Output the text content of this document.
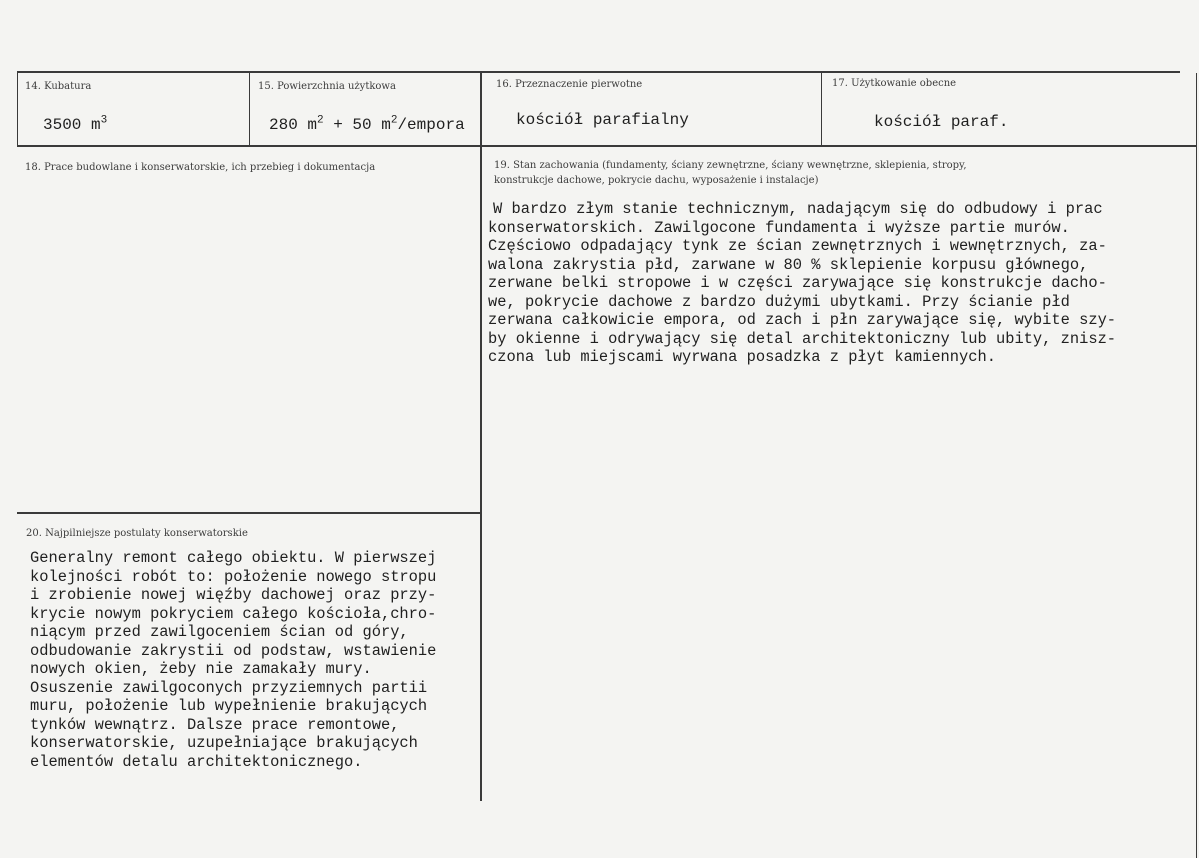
14. Kubatura
3500 $m^3$
15. Powierzchnia użytkowa
280 $m^2 + 50$ $m^2$/empora
16. Przeznaczenie pierwotne
kościół parafialny
17. Użytkowanie obecne
kościół paraf.
18. Prace budowlane i konserwatorskie, ich przebieg i dokumentacja	19. Stan zachowania (fundamenty, ściany zewnętrzne, ściany wewnętrzne, sklepienia, stropy,
konstrukcje dachowe, pokrycie dachu, wyposażenie i instalacje)
W bardzo złym stanie technicznym, nadającym się do odbudowy i prac
konserwatorskich. Zawilgocone fundamenta i wyższe partie murów.
Częściowo odpadający tynk ze ścian zewnętrznych i wewnętrznych, za-
walona zakrystia płd, zarwane w 80 % sklepienie korpusu głównego,
zerwane belki stropowe i w części zarywające się konstrukcje dacho-
we, pokrycie dachowe z bardzo dużymi ubytkami. Przy ścianie płd
zerwana całkowicie empora, od zach i płn zarywające się, wybite szy-
by okienne i odrywający się detal architektoniczny lub ubity, znisz-
czona lub miejscami wyrwana posadzka z płyt kamiennych.
20. Najpilniejsze postulaty konserwatorskie
Generalny remont całego obiektu. W pierwszej
kolejności robót to: położenie nowego stropu
i zrobienie nowej więźby dachowej oraz przy-
krycie nowym pokryciem całego kościoła,chro-
niącym przed zawilgoceniem ścian od góry,
odbudowanie zakrystii od podstaw, wstawienie
nowych okien, żeby nie zamakały mury.
Osuszenie zawilgoconych przyziemnych partii
muru, położenie lub wypełnienie brakujących
tynków wewnątrz. Dalsze prace remontowe,
konserwatorskie, uzupełniające brakujących
elementów detalu architektonicznego.
